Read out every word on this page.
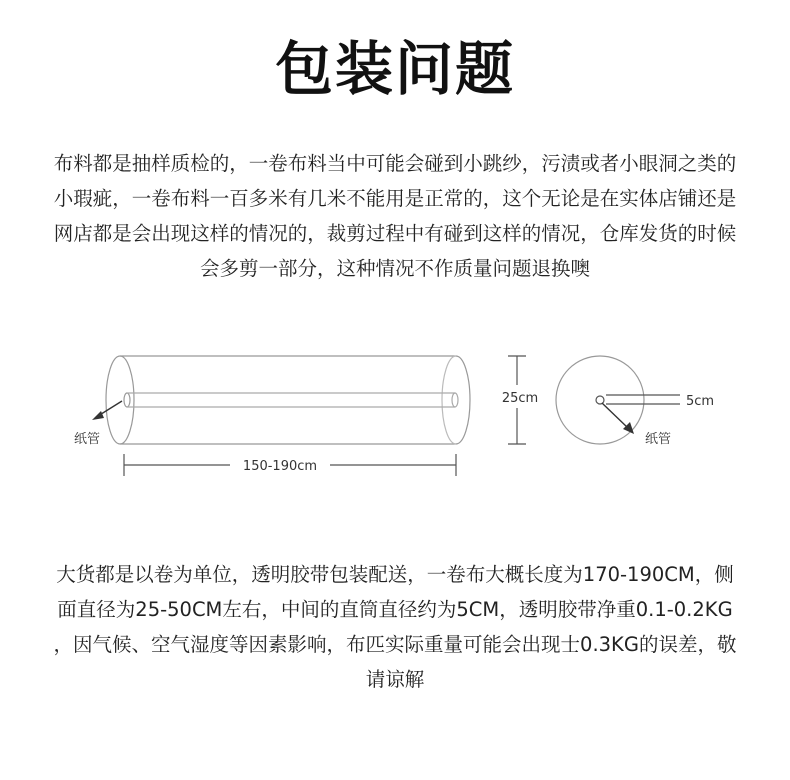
包装问题
布料都是抽样质检的，一卷布料当中可能会碰到小跳纱，污渍或者小眼洞之类的
小瑕疵，一卷布料一百多米有几米不能用是正常的，这个无论是在实体店铺还是
网店都是会出现这样的情况的，裁剪过程中有碰到这样的情况，仓库发货的时候
会多剪一部分，这种情况不作质量问题退换噢
纸管
150-190cm
25cm	5cm
纸管
大货都是以卷为单位，透明胶带包装配送，一卷布大概长度为170-190CM，侧
面直径为25-50CM左右，中间的直筒直径约为5CM，透明胶带净重0.1-0.2KG
，因气候、空气湿度等因素影响，布匹实际重量可能会出现士0.3KG的误差，敬
请谅解
